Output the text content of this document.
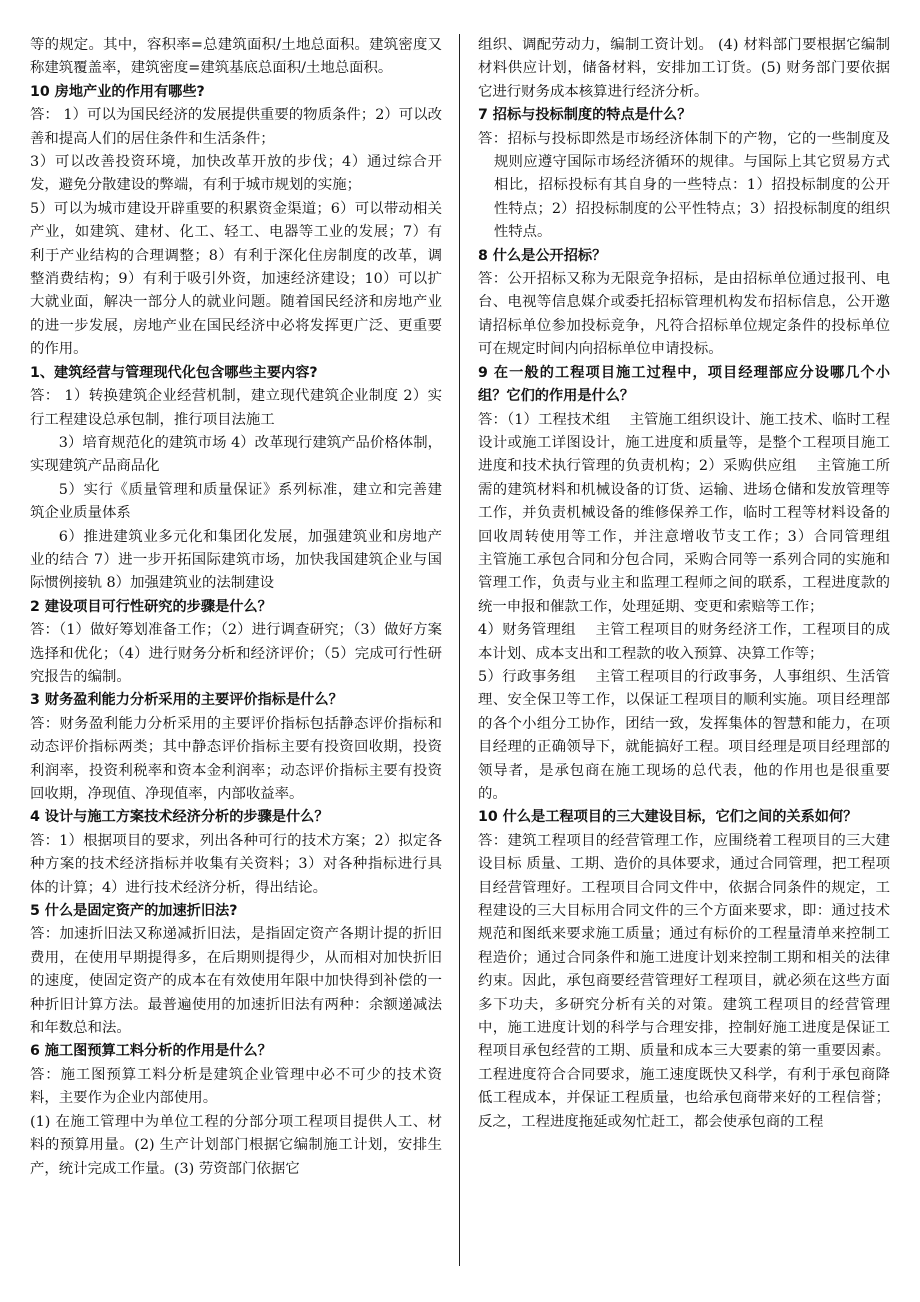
等的规定。其中，容积率=总建筑面积/土地总面积。建筑密度又称建筑覆盖率，建筑密度=建筑基底总面积/土地总面积。

10 房地产业的作用有哪些?

答： 1）可以为国民经济的发展提供重要的物质条件；2）可以改善和提高人们的居住条件和生活条件；

3）可以改善投资环境，加快改革开放的步伐；4）通过综合开发，避免分散建设的弊端，有利于城市规划的实施；

5）可以为城市建设开辟重要的积累资金渠道；6）可以带动相关产业，如建筑、建材、化工、轻工、电器等工业的发展；7）有利于产业结构的合理调整；8）有利于深化住房制度的改革，调整消费结构；9）有利于吸引外资，加速经济建设；10）可以扩大就业面，解决一部分人的就业问题。随着国民经济和房地产业的进一步发展，房地产业在国民经济中必将发挥更广泛、更重要的作用。

1、建筑经营与管理现代化包含哪些主要内容?

答： 1）转换建筑企业经营机制，建立现代建筑企业制度 2）实行工程建设总承包制，推行项目法施工

3）培育规范化的建筑市场 4）改革现行建筑产品价格体制，实现建筑产品商品化

5）实行《质量管理和质量保证》系列标准，建立和完善建筑企业质量体系

6）推进建筑业多元化和集团化发展，加强建筑业和房地产业的结合 7）进一步开拓国际建筑市场，加快我国建筑企业与国际惯例接轨 8）加强建筑业的法制建设

2 建设项目可行性研究的步骤是什么？

答：（1）做好筹划准备工作；（2）进行调查研究；（3）做好方案选择和优化；（4）进行财务分析和经济评价；（5）完成可行性研究报告的编制。

3 财务盈利能力分析采用的主要评价指标是什么？

答：财务盈利能力分析采用的主要评价指标包括静态评价指标和动态评价指标两类；其中静态评价指标主要有投资回收期，投资利润率，投资利税率和资本金利润率；动态评价指标主要有投资回收期，净现值、净现值率，内部收益率。

4 设计与施工方案技术经济分析的步骤是什么？

答：1）根据项目的要求，列出各种可行的技术方案；2）拟定各种方案的技术经济指标并收集有关资料；3）对各种指标进行具体的计算；4）进行技术经济分析，得出结论。

5 什么是固定资产的加速折旧法?

答：加速折旧法又称递减折旧法，是指固定资产各期计提的折旧费用，在使用早期提得多，在后期则提得少，从而相对加快折旧的速度，使固定资产的成本在有效使用年限中加快得到补偿的一种折旧计算方法。最普遍使用的加速折旧法有两种：余额递减法和年数总和法。

6 施工图预算工料分析的作用是什么？

答：施工图预算工料分析是建筑企业管理中必不可少的技术资料，主要作为企业内部使用。

(1) 在施工管理中为单位工程的分部分项工程项目提供人工、材料的预算用量。(2) 生产计划部门根据它编制施工计划，安排生产，统计完成工作量。(3) 劳资部门依据它

组织、调配劳动力，编制工资计划。 (4) 材料部门要根据它编制材料供应计划，储备材料，安排加工订货。(5) 财务部门要依据它进行财务成本核算进行经济分析。

7 招标与投标制度的特点是什么？

答：招标与投标即然是市场经济体制下的产物，它的一些制度及规则应遵守国际市场经济循环的规律。与国际上其它贸易方式相比，招标投标有其自身的一些特点：1）招投标制度的公开性特点；2）招投标制度的公平性特点；3）招投标制度的组织性特点。

8 什么是公开招标？

答：公开招标又称为无限竞争招标，是由招标单位通过报刊、电台、电视等信息媒介或委托招标管理机构发布招标信息，公开邀请招标单位参加投标竞争，凡符合招标单位规定条件的投标单位可在规定时间内向招标单位申请投标。

9 在一般的工程项目施工过程中，项目经理部应分设哪几个小组？它们的作用是什么？

答：（1）工程技术组　 主管施工组织设计、施工技术、临时工程设计或施工详图设计，施工进度和质量等，是整个工程项目施工进度和技术执行管理的负责机构；2）采购供应组　 主管施工所需的建筑材料和机械设备的订货、运输、进场仓储和发放管理等工作，并负责机械设备的维修保养工作，临时工程等材料设备的回收周转使用等工作，并注意增收节支工作；3）合同管理组　 主管施工承包合同和分包合同，采购合同等一系列合同的实施和管理工作，负责与业主和监理工程师之间的联系，工程进度款的统一申报和催款工作，处理延期、变更和索赔等工作；

4）财务管理组　 主管工程项目的财务经济工作，工程项目的成本计划、成本支出和工程款的收入预算、决算工作等；

5）行政事务组　 主管工程项目的行政事务，人事组织、生活管理、安全保卫等工作，以保证工程项目的顺利实施。项目经理部的各个小组分工协作，团结一致，发挥集体的智慧和能力，在项目经理的正确领导下，就能搞好工程。项目经理是项目经理部的领导者，是承包商在施工现场的总代表，他的作用也是很重要的。

10 什么是工程项目的三大建设目标，它们之间的关系如何？

答：建筑工程项目的经营管理工作，应围绕着工程项目的三大建设目标 质量、工期、造价的具体要求，通过合同管理，把工程项目经营管理好。工程项目合同文件中，依据合同条件的规定，工程建设的三大目标用合同文件的三个方面来要求，即：通过技术规范和图纸来要求施工质量；通过有标价的工程量清单来控制工程造价；通过合同条件和施工进度计划来控制工期和相关的法律约束。因此，承包商要经营管理好工程项目，就必须在这些方面多下功夫，多研究分析有关的对策。建筑工程项目的经营管理中，施工进度计划的科学与合理安排，控制好施工进度是保证工程项目承包经营的工期、质量和成本三大要素的第一重要因素。工程进度符合合同要求，施工速度既快又科学，有利于承包商降低工程成本，并保证工程质量，也给承包商带来好的工程信誉；反之，工程进度拖延或匆忙赶工，都会使承包商的工程
